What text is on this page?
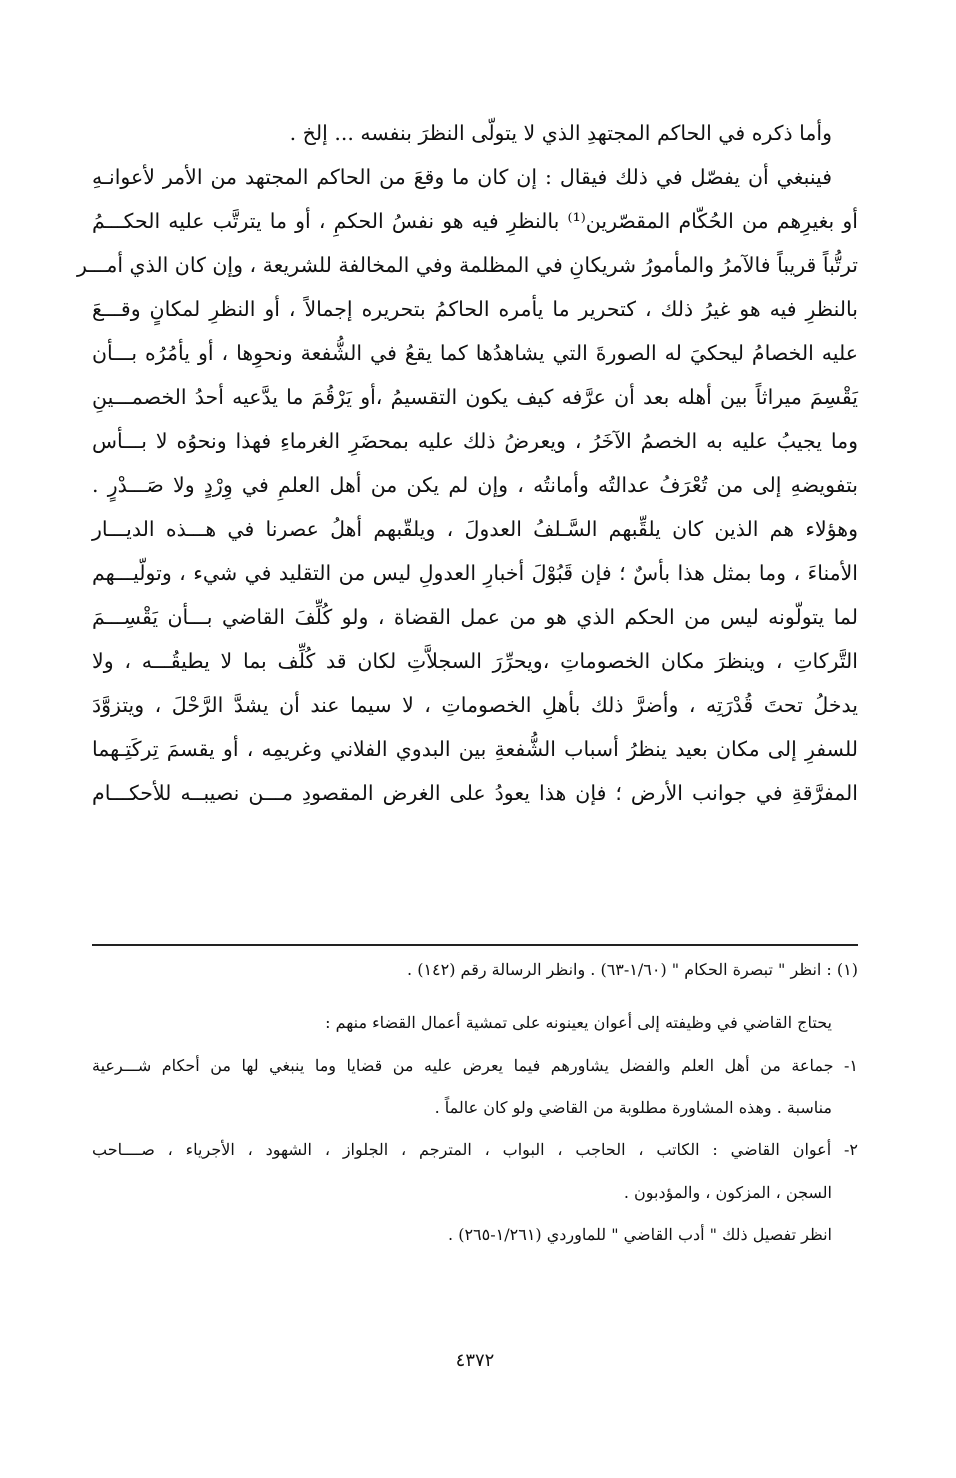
وأما ذكره في الحاكم المجتهدِ الذي لا يتولّى النظرَ بنفسه ... إلخ .
فينبغي أن يفصّل في ذلك فيقال : إن كان ما وقعَ من الحاكم المجتهد من الأمر لأعوانـهِ
أو بغيرِهم من الحُكّام المقصّرين⁽¹⁾ بالنظرِ فيه هو نفسُ الحكمِ ، أو ما يترتَّب عليه الحكـــمُ
ترتُّباً قريباً فالآمرُ والمأمورُ شريكانِ في المظلمة وفي المخالفة للشريعة ، وإن كان الذي أمـــر
بالنظرِ فيه هو غيرُ ذلك ، كتحرير ما يأمره الحاكمُ بتحريره إجمالاً ، أو النظرِ لمكانٍ وقـــعَ
عليه الخصامُ ليحكيَ له الصورةَ التي يشاهدُها كما يقعُ في الشُّفعة ونحوِها ، أو يأمُرُه بـــأن
يَقْسِمَ ميراثاً بين أهله بعد أن عرَّفه كيف يكون التقسيمُ ،أو يَرْقُمَ ما يدَّعيه أحدُ الخصمـــينِ
وما يجيبُ عليه به الخصمُ الآخَرُ ، ويعرضُ ذلك عليه بمحضَرِ الغرماءِ فهذا ونحوُه لا بـــأس
بتفويضهِ إلى من تُعْرَفُ عدالتُه وأمانتُه ، وإن لم يكن من أهل العلمِ في وِرْدٍ ولا صَـــدْرٍ .
وهؤلاء هم الذين كان يلقِّبهم السَّـلفُ العدولَ ، ويلقّبهم أهلُ عصرنا في هـــذه الديـــار
الأمناءَ ، وما بمثل هذا بأسٌ ؛ فإن قَبُوْلَ أخبارِ العدولِ ليس من التقليد في شيء ، وتولّيـــهم
لما يتولّونه ليس من الحكم الذي هو من عمل القضاة ، ولو كُلِّفَ القاضي بـــأن يَقْسِـــمَ
التَّركاتِ ، وينظرَ مكان الخصوماتِ ،ويحرِّرَ السجلاَّتِ لكان قد كُلِّف بما لا يطيقُـــه ، ولا
يدخلُ تحتَ قُدْرَتِه ، وأضرَّ ذلك بأهلِ الخصوماتِ ، لا سيما عند أن يشدَّ الرَّحْلَ ، ويتزوَّدَ
للسفرِ إلى مكان بعيد ينظرُ أسباب الشُّفعةِ بين البدوي الفلاني وغريمِه ، أو يقسمَ تِركَتِـهما
المفرَّقةِ في جوانب الأرض ؛ فإن هذا يعودُ على الغرض المقصودِ مـــن نصيبــه للأحكـــام
(١) : انظر " تبصرة الحكام " (١/٦٠-٦٣) . وانظر الرسالة رقم (١٤٢) .
يحتاج القاضي في وظيفته إلى أعوان يعينونه على تمشية أعمال القضاء منهم :
١- جماعة من أهل العلم والفضل يشاورهم فيما يعرض عليه من قضايا وما ينبغي لها من أحكام شـــرعية
مناسبة . وهذه المشاورة مطلوبة من القاضي ولو كان عالماً .
٢- أعوان القاضي : الكاتب ، الحاجب ، البواب ، المترجم ، الجلواز ، الشهود ، الأجرياء ، صــــاحب
السجن ، المزكون ، والمؤدبون .
انظر تفصيل ذلك " أدب القاضي " للماوردي (١/٢٦١-٢٦٥) .
٤٣٧٢
